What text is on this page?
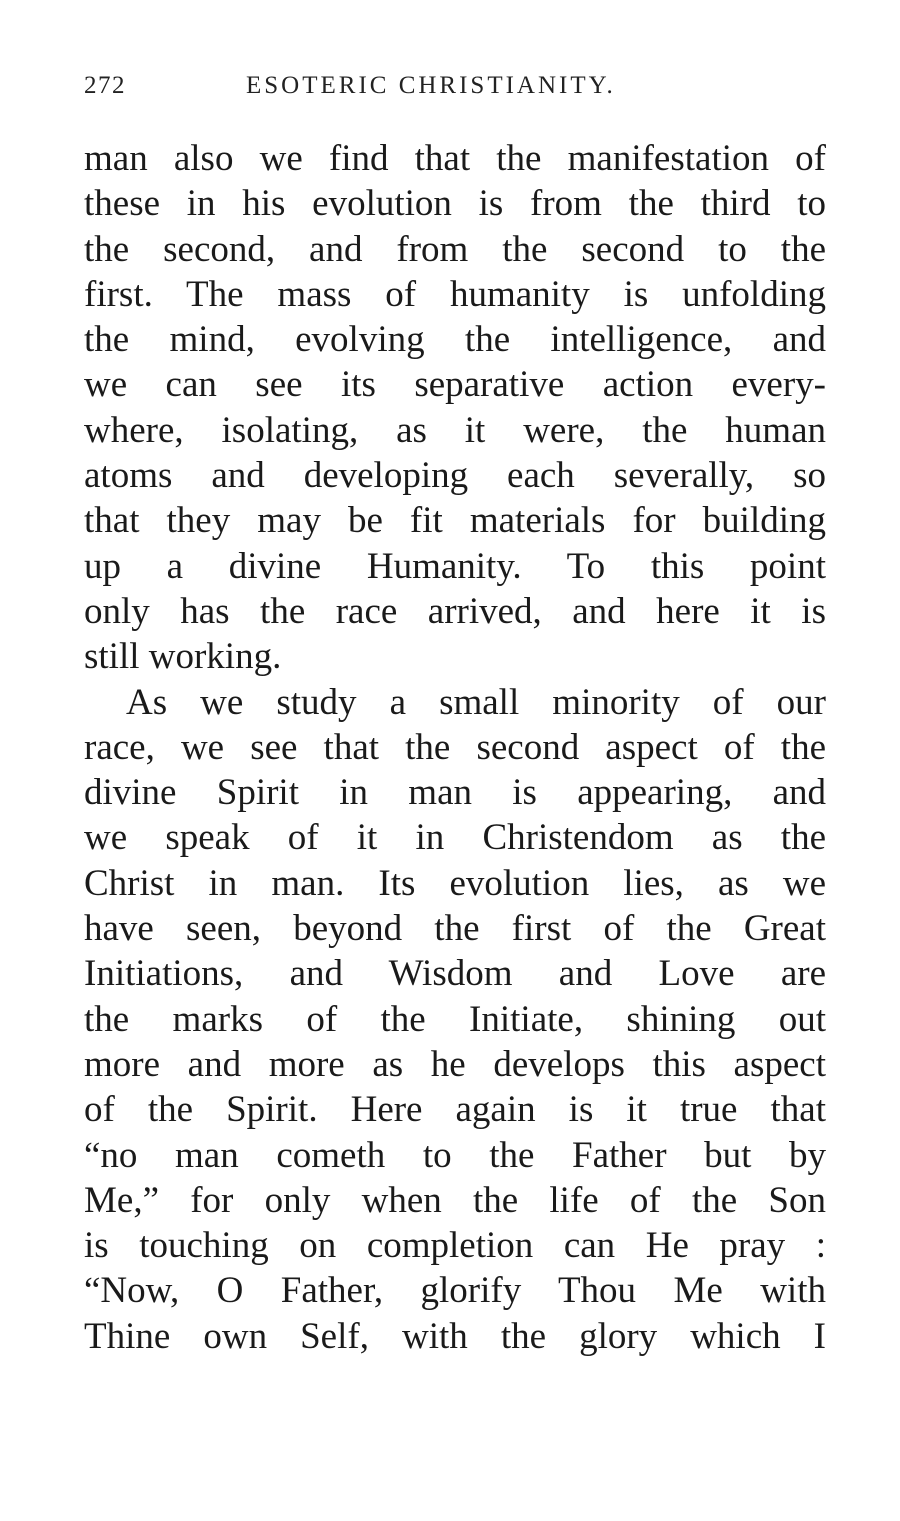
272	ESOTERIC CHRISTIANITY.
man also we find that the manifestation of
these in his evolution is from the third to
the second, and from the second to the
first. The mass of humanity is unfolding
the mind, evolving the intelligence, and
we can see its separative action every-
where, isolating, as it were, the human
atoms and developing each severally, so
that they may be fit materials for building
up a divine Humanity. To this point
only has the race arrived, and here it is
still working.
As we study a small minority of our
race, we see that the second aspect of the
divine Spirit in man is appearing, and
we speak of it in Christendom as the
Christ in man. Its evolution lies, as we
have seen, beyond the first of the Great
Initiations, and Wisdom and Love are
the marks of the Initiate, shining out
more and more as he develops this aspect
of the Spirit. Here again is it true that
“no man cometh to the Father but by
Me,” for only when the life of the Son
is touching on completion can He pray :
“Now, O Father, glorify Thou Me with
Thine own Self, with the glory which I
